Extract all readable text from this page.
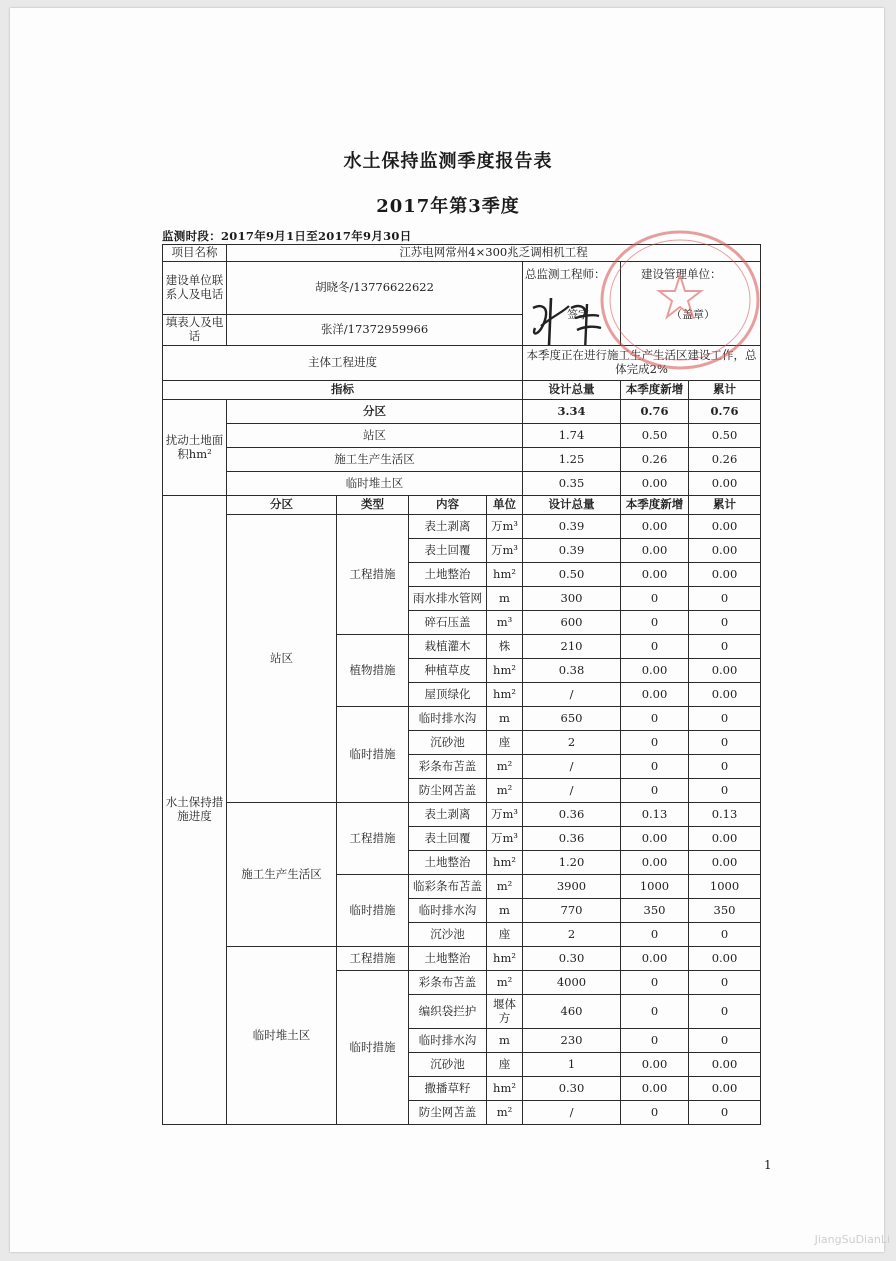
水土保持监测季度报告表
2017年第3季度
监测时段：2017年9月1日至2017年9月30日
项目名称	江苏电网常州4×300兆乏调相机工程						
建设单位联系人及电话	胡晓冬/13776622622				总监测工程师：
签字	建设管理单位：
（盖章）	

填表人及电话	张洋/17372959966						
主体工程进度					本季度正在进行施工生产生活区建设工作，总体完成2%		
指标					设计总量	本季度新增	累计
扰动土地面积hm²	分区				3.34	0.76	0.76
	站区				1.74	0.50	0.50
	施工生产生活区				1.25	0.26	0.26
	临时堆土区				0.35	0.00	0.00
水土保持措施进度	分区	类型	内容	单位	设计总量	本季度新增	累计
	站区	工程措施	表土剥离	万m³	0.39	0.00	0.00
			表土回覆	万m³	0.39	0.00	0.00
			土地整治	hm²	0.50	0.00	0.00
			雨水排水管网	m	300	0	0
			碎石压盖	m³	600	0	0
		植物措施	栽植灌木	株	210	0	0
			种植草皮	hm²	0.38	0.00	0.00
			屋顶绿化	hm²	/	0.00	0.00
		临时措施	临时排水沟	m	650	0	0
			沉砂池	座	2	0	0
			彩条布苫盖	m²	/	0	0
			防尘网苫盖	m²	/	0	0
	施工生产生活区	工程措施	表土剥离	万m³	0.36	0.13	0.13
			表土回覆	万m³	0.36	0.00	0.00
			土地整治	hm²	1.20	0.00	0.00
		临时措施	临彩条布苫盖	m²	3900	1000	1000
			临时排水沟	m	770	350	350
			沉沙池	座	2	0	0
	临时堆土区	工程措施	土地整治	hm²	0.30	0.00	0.00
		临时措施	彩条布苫盖	m²	4000	0	0
			编织袋拦护	堰体方	460	0	0
			临时排水沟	m	230	0	0
			沉砂池	座	1	0.00	0.00
			撒播草籽	hm²	0.30	0.00	0.00
			防尘网苫盖	m²	/	0	0
1
JiangSuDianLi
